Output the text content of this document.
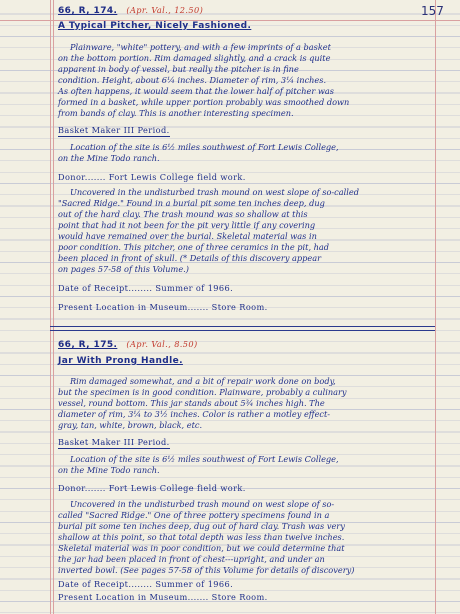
157
66, R, 174. (Apr. Val., 12.50)
A Typical Pitcher, Nicely Fashioned.
Plainware, "white" pottery, and with a few imprints of a basket
on the bottom portion. Rim damaged slightly, and a crack is quite
apparent in body of vessel, but really the pitcher is in fine
condition. Height, about 6¼ inches. Diameter of rim, 3¼ inches.
As often happens, it would seem that the lower half of pitcher was
formed in a basket, while upper portion probably was smoothed down
from bands of clay. This is another interesting specimen.
Basket Maker III Period.
Location of the site is 6½ miles southwest of Fort Lewis College,
on the Mine Todo ranch.
Donor....... Fort Lewis College field work.
Uncovered in the undisturbed trash mound on west slope of so-called
"Sacred Ridge." Found in a burial pit some ten inches deep, dug
out of the hard clay. The trash mound was so shallow at this
point that had it not been for the pit very little if any covering
would have remained over the burial. Skeletal material was in
poor condition. This pitcher, one of three ceramics in the pit, had
been placed in front of skull. (* Details of this discovery appear
on pages 57-58 of this Volume.)
Date of Receipt........ Summer of 1966.
Present Location in Museum....... Store Room.
66, R, 175. (Apr. Val., 8.50)
Jar With Prong Handle.
Rim damaged somewhat, and a bit of repair work done on body,
but the specimen is in good condition. Plainware, probably a culinary
vessel, round bottom. This jar stands about 5¾ inches high. The
diameter of rim, 3¼ to 3½ inches. Color is rather a motley effect-
gray, tan, white, brown, black, etc.
Basket Maker III Period.
Location of the site is 6½ miles southwest of Fort Lewis College,
on the Mine Todo ranch.
Donor....... Fort Lewis College field work.
Uncovered in the undisturbed trash mound on west slope of so-
called "Sacred Ridge." One of three pottery specimens found in a
burial pit some ten inches deep, dug out of hard clay. Trash was very
shallow at this point, so that total depth was less than twelve inches.
Skeletal material was in poor condition, but we could determine that
the jar had been placed in front of chest---upright, and under an
inverted bowl. (See pages 57-58 of this Volume for details of discovery)
Date of Receipt........ Summer of 1966.
Present Location in Museum....... Store Room.
